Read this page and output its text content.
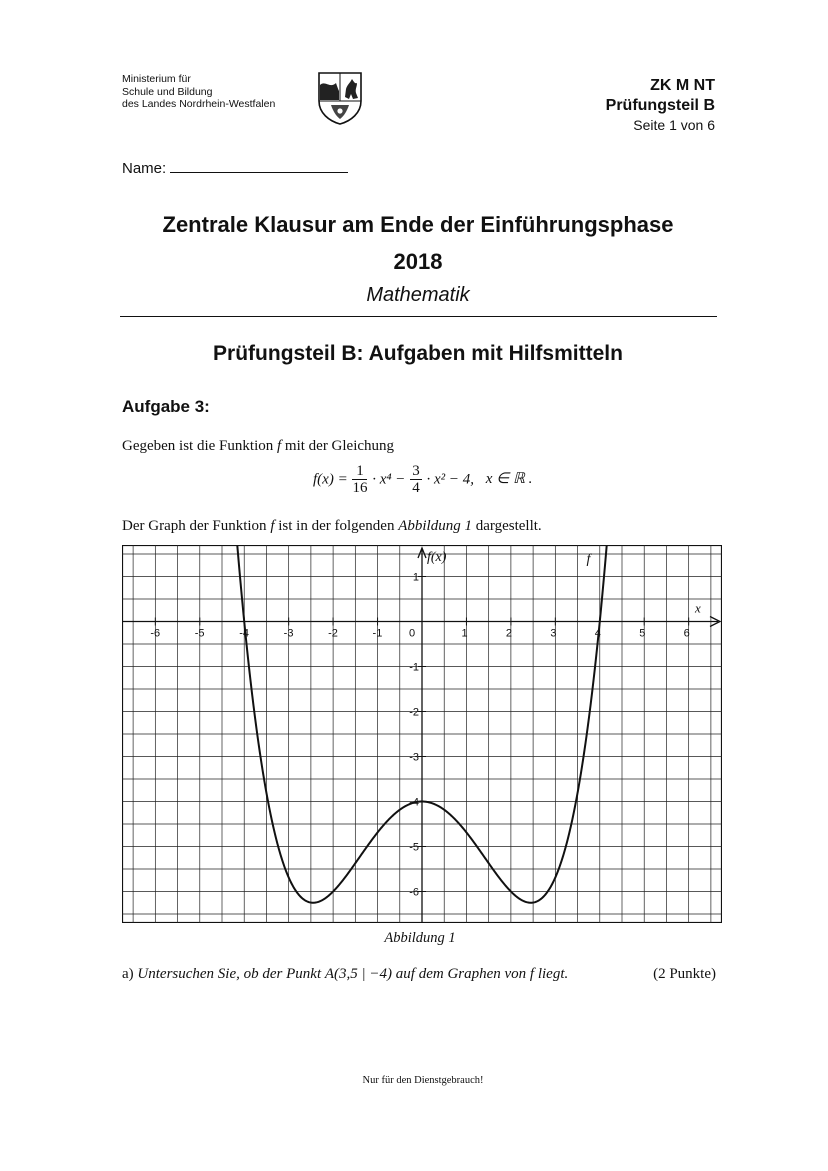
Ministerium für
Schule und Bildung
des Landes Nordrhein-Westfalen
ZK M NT
Prüfungsteil B
Seite 1 von 6
Name:
Zentrale Klausur am Ende der Einführungsphase
2018
Mathematik
Prüfungsteil B: Aufgaben mit Hilfsmitteln
Aufgabe 3:
Gegeben ist die Funktion f mit der Gleichung
$f(x) = \frac{1}{16} \cdot x^4 - \frac{3}{4} \cdot x^2 - 4$, x ∈ ℝ .
Der Graph der Funktion f ist in der folgenden Abbildung 1 dargestellt.
-6	-5	-4	-3	-2	-1 0	1	2	3	4	5	6
1
-1
-2
-3
-4
-5
-6
x
f(x)	f
Abbildung 1
a) Untersuchen Sie, ob der Punkt A(3,5 | −4) auf dem Graphen von f liegt.	(2 Punkte)
Nur für den Dienstgebrauch!
